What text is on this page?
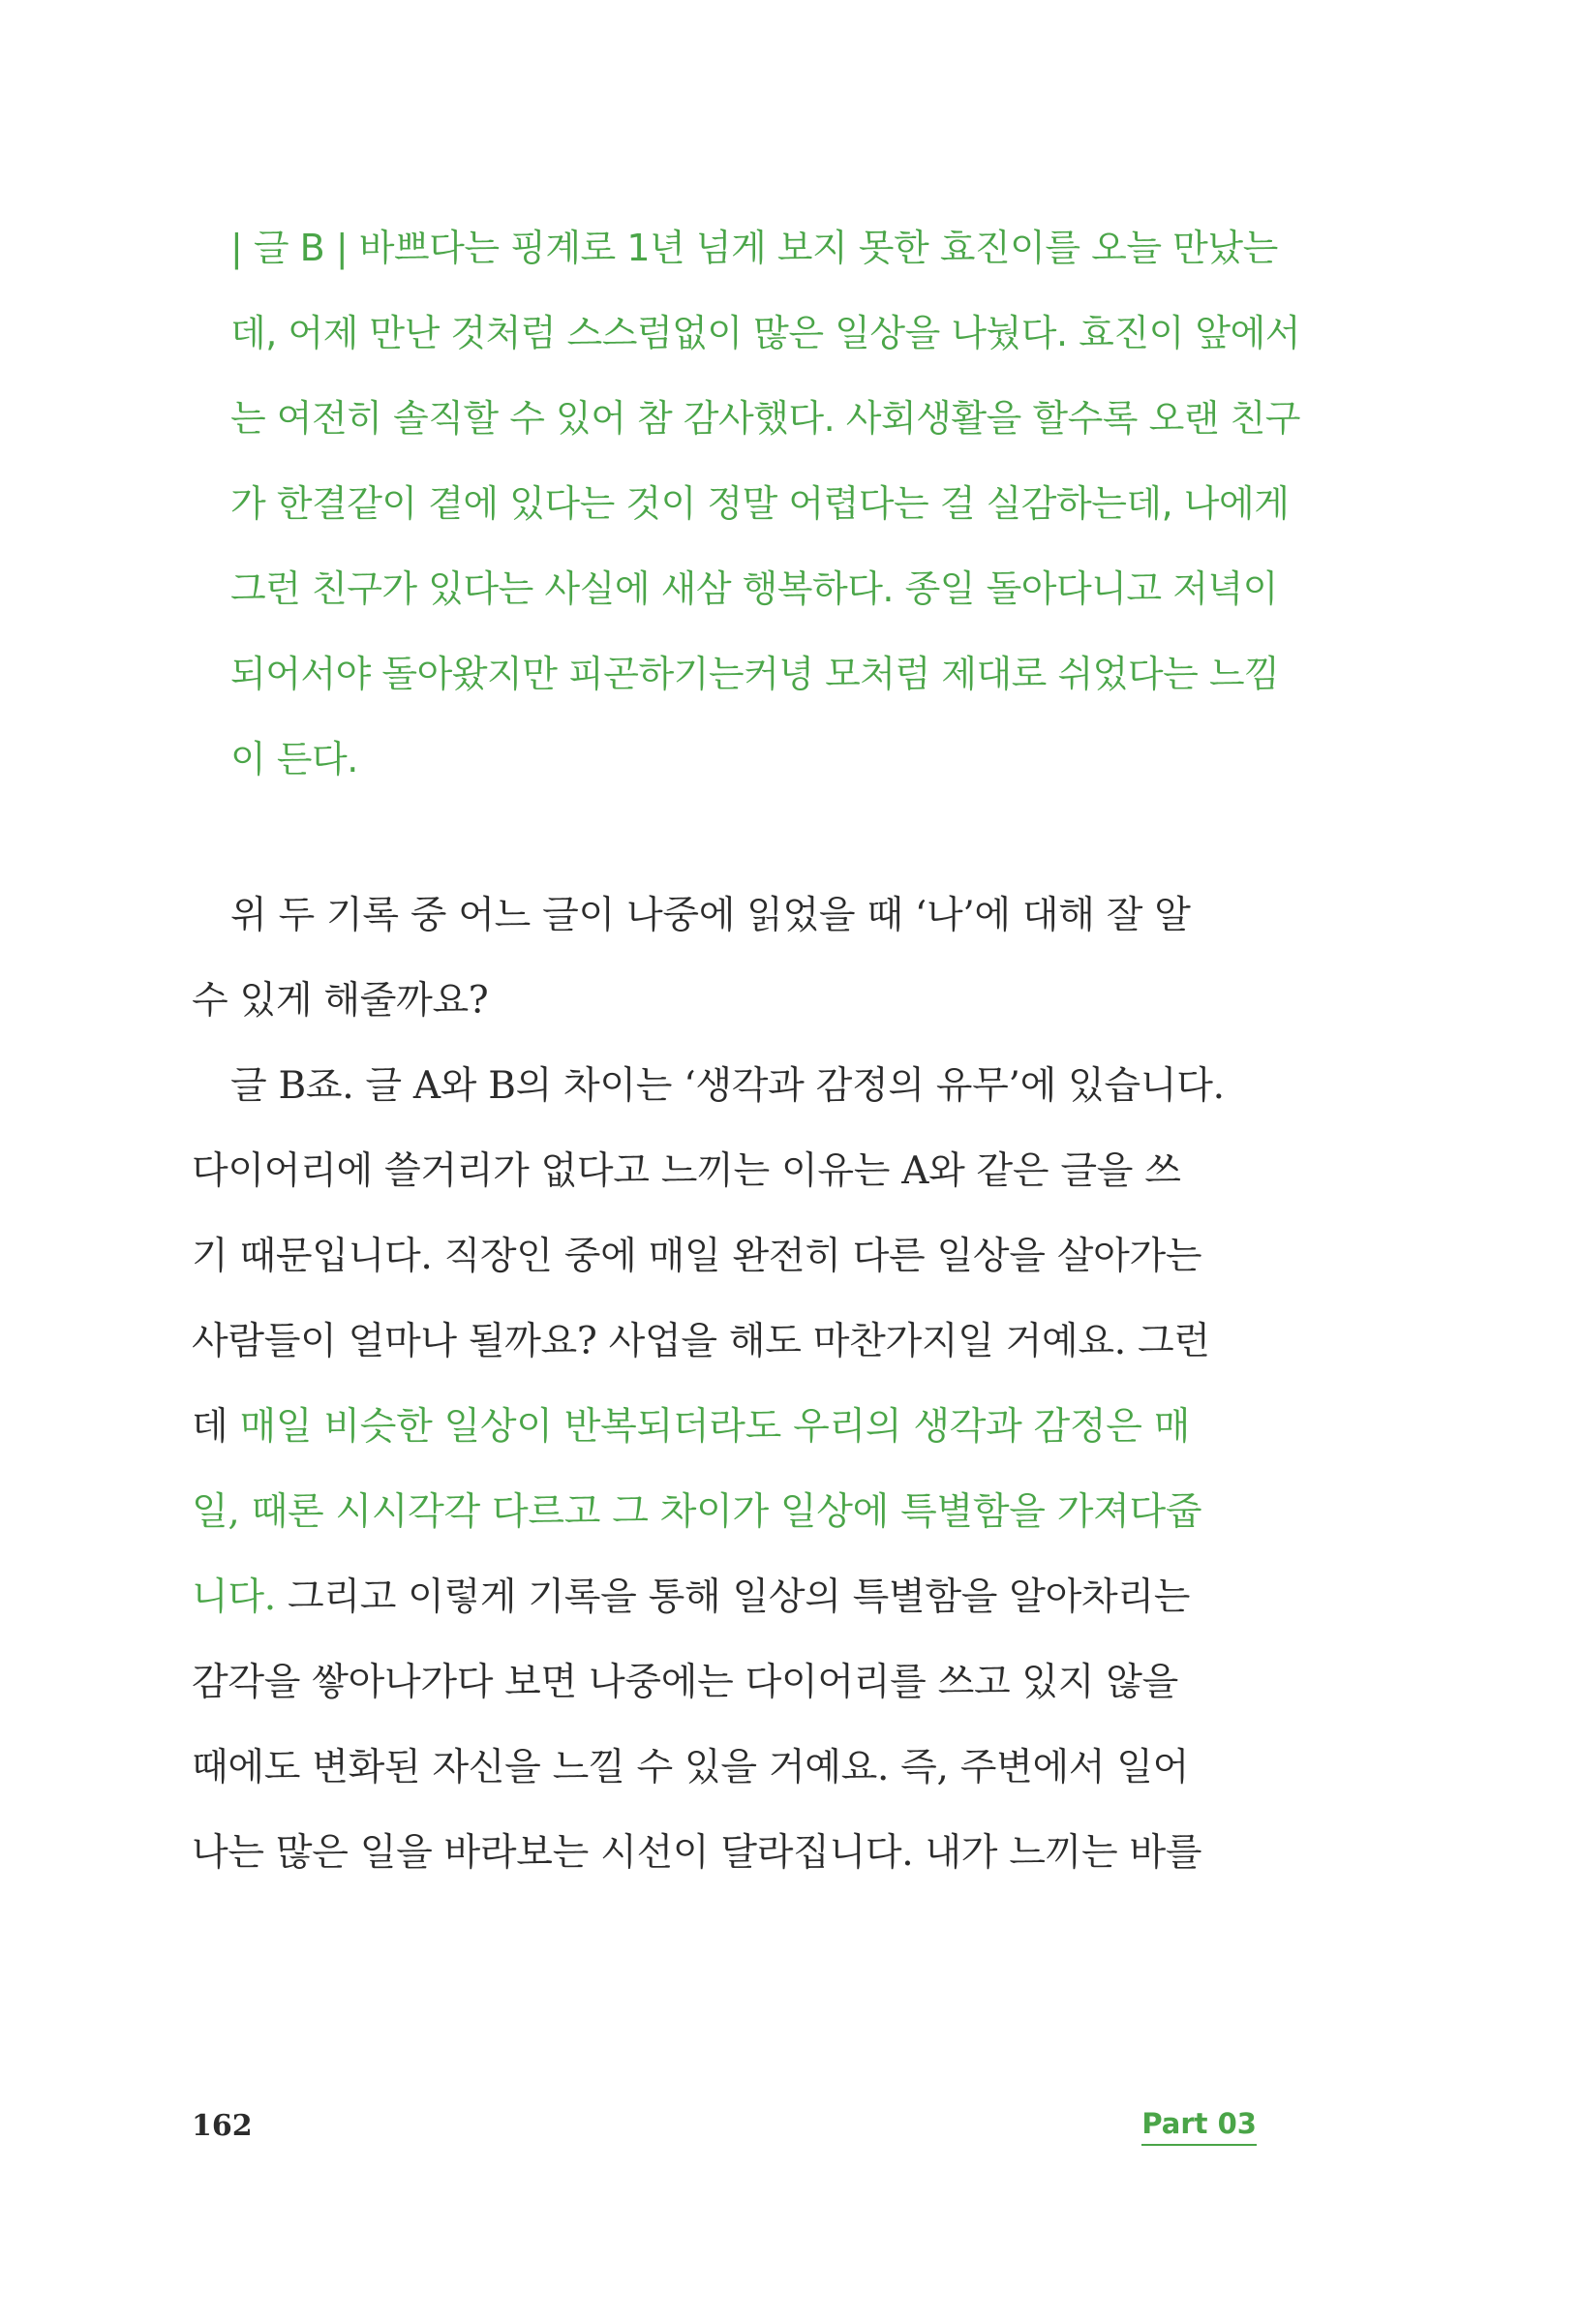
| 글 B | 바쁘다는 핑계로 1년 넘게 보지 못한 효진이를 오늘 만났는
데, 어제 만난 것처럼 스스럼없이 많은 일상을 나눴다. 효진이 앞에서
는 여전히 솔직할 수 있어 참 감사했다. 사회생활을 할수록 오랜 친구
가 한결같이 곁에 있다는 것이 정말 어렵다는 걸 실감하는데, 나에게
그런 친구가 있다는 사실에 새삼 행복하다. 종일 돌아다니고 저녁이
되어서야 돌아왔지만 피곤하기는커녕 모처럼 제대로 쉬었다는 느낌
이 든다.
위 두 기록 중 어느 글이 나중에 읽었을 때 ‘나’에 대해 잘 알
수 있게 해줄까요?
글 B죠. 글 A와 B의 차이는 ‘생각과 감정의 유무’에 있습니다.
다이어리에 쓸거리가 없다고 느끼는 이유는 A와 같은 글을 쓰
기 때문입니다. 직장인 중에 매일 완전히 다른 일상을 살아가는
사람들이 얼마나 될까요? 사업을 해도 마찬가지일 거예요. 그런
데 매일 비슷한 일상이 반복되더라도 우리의 생각과 감정은 매
일, 때론 시시각각 다르고 그 차이가 일상에 특별함을 가져다줍
니다. 그리고 이렇게 기록을 통해 일상의 특별함을 알아차리는
감각을 쌓아나가다 보면 나중에는 다이어리를 쓰고 있지 않을
때에도 변화된 자신을 느낄 수 있을 거예요. 즉, 주변에서 일어
나는 많은 일을 바라보는 시선이 달라집니다. 내가 느끼는 바를
162	Part 03
